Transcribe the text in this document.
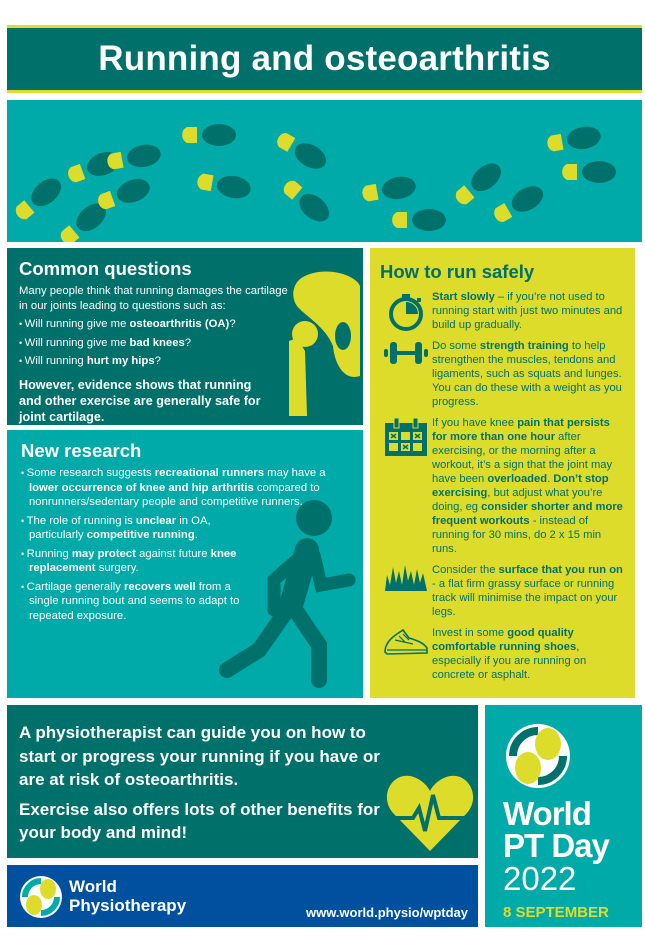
Running and osteoarthritis
Common questions

Many people think that running damages the cartilage in our joints leading to questions such as:

• Will running give me osteoarthritis (OA)?
• Will running give me bad knees?
• Will running hurt my hips?

However, evidence shows that running and other exercise are generally safe for joint cartilage.

New research
• Some research suggests recreational runners may have a lower occurrence of knee and hip arthritis compared to nonrunners/sedentary people and competitive runners.
• The role of running is unclear in OA, particularly competitive running.
• Running may protect against future knee replacement surgery.
• Cartilage generally recovers well from a single running bout and seems to adapt to repeated exposure.
How to run safely

Start slowly – if you’re not used to running start with just two minutes and build up gradually.

Do some strength training to help strengthen the muscles, tendons and ligaments, such as squats and lunges. You can do these with a weight as you progress.

If you have knee pain that persists for more than one hour after exercising, or the morning after a workout, it’s a sign that the joint may have been overloaded. Don’t stop exercising, but adjust what you’re doing, eg consider shorter and more frequent workouts - instead of running for 30 mins, do 2 x 15 min runs.

Consider the surface that you run on - a flat firm grassy surface or running track will minimise the impact on your legs.

Invest in some good quality comfortable running shoes, especially if you are running on concrete or asphalt.

A physiotherapist can guide you on how to start or progress your running if you have or are at risk of osteoarthritis.

Exercise also offers lots of other benefits for your body and mind!

World
Physiotherapy	www.world.physio/wptday
World
PT Day
2022
8 SEPTEMBER
